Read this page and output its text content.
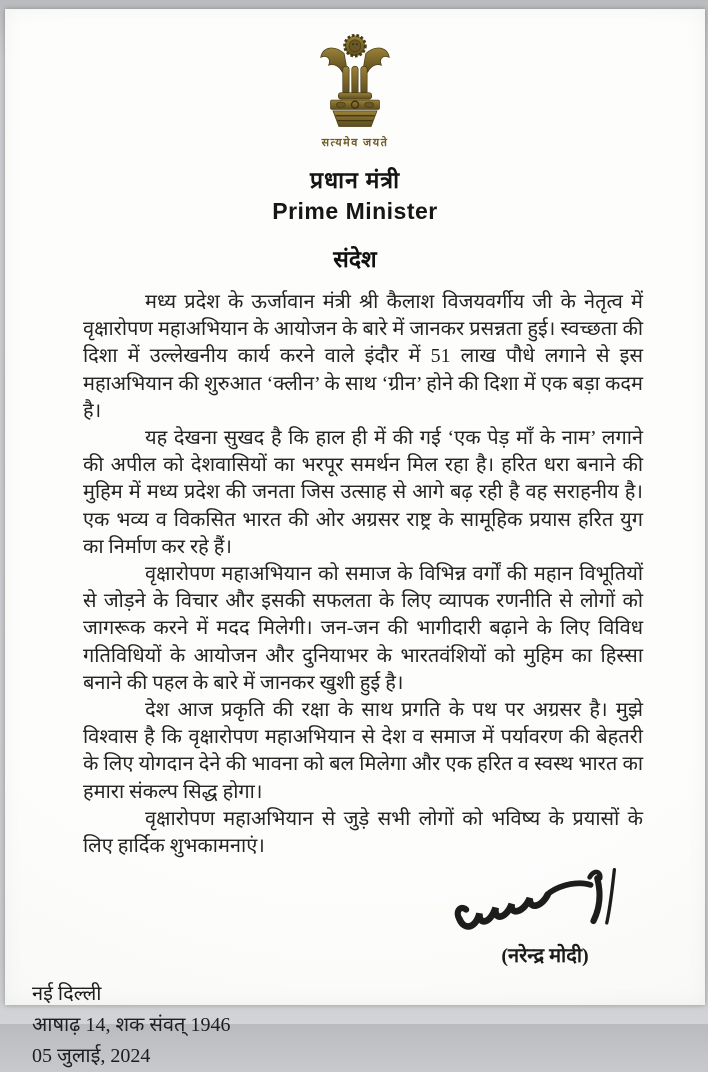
सत्यमेव जयते
प्रधान मंत्री
Prime Minister
संदेश

मध्य प्रदेश के ऊर्जावान मंत्री श्री कैलाश विजयवर्गीय जी के नेतृत्व में वृक्षारोपण महाअभियान के आयोजन के बारे में जानकर प्रसन्नता हुई। स्वच्छता की दिशा में उल्लेखनीय कार्य करने वाले इंदौर में 51 लाख पौधे लगाने से इस महाअभियान की शुरुआत ‘क्लीन’ के साथ ‘ग्रीन’ होने की दिशा में एक बड़ा कदम है।

यह देखना सुखद है कि हाल ही में की गई ‘एक पेड़ माँ के नाम’ लगाने की अपील को देशवासियों का भरपूर समर्थन मिल रहा है। हरित धरा बनाने की मुहिम में मध्य प्रदेश की जनता जिस उत्साह से आगे बढ़ रही है वह सराहनीय है। एक भव्य व विकसित भारत की ओर अग्रसर राष्ट्र के सामूहिक प्रयास हरित युग का निर्माण कर रहे हैं।

वृक्षारोपण महाअभियान को समाज के विभिन्न वर्गों की महान विभूतियों से जोड़ने के विचार और इसकी सफलता के लिए व्यापक रणनीति से लोगों को जागरूक करने में मदद मिलेगी। जन-जन की भागीदारी बढ़ाने के लिए विविध गतिविधियों के आयोजन और दुनियाभर के भारतवंशियों को मुहिम का हिस्सा बनाने की पहल के बारे में जानकर खुशी हुई है।

देश आज प्रकृति की रक्षा के साथ प्रगति के पथ पर अग्रसर है। मुझे विश्वास है कि वृक्षारोपण महाअभियान से देश व समाज में पर्यावरण की बेहतरी के लिए योगदान देने की भावना को बल मिलेगा और एक हरित व स्वस्थ भारत का हमारा संकल्प सिद्ध होगा।

वृक्षारोपण महाअभियान से जुड़े सभी लोगों को भविष्य के प्रयासों के लिए हार्दिक शुभकामनाएं।

(नरेन्द्र मोदी)
नई दिल्ली
आषाढ़ 14, शक संवत् 1946
05 जुलाई, 2024
